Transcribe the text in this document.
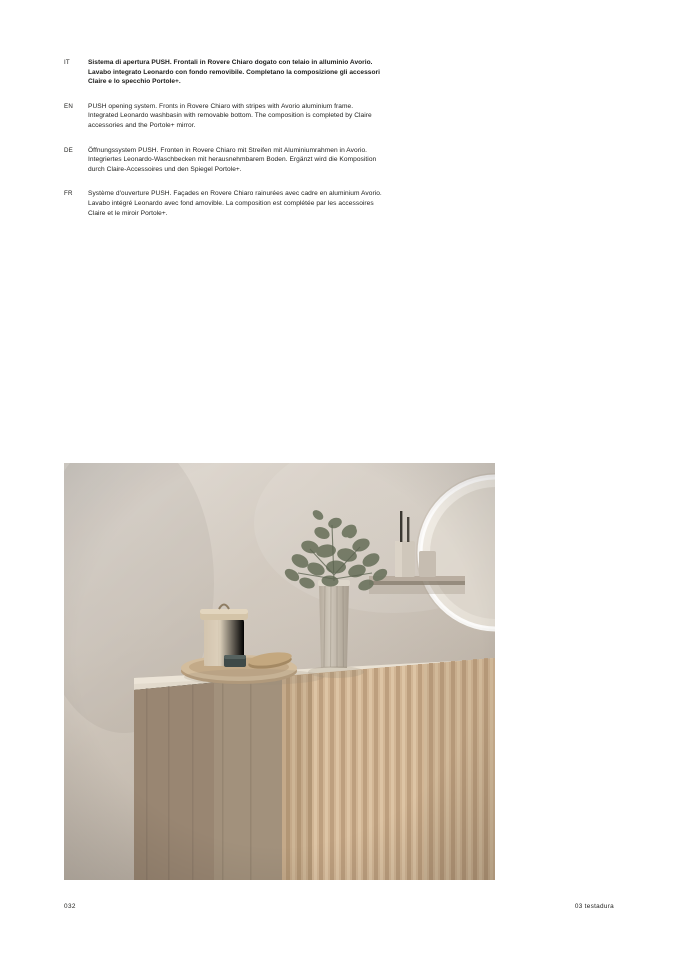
IT	Sistema di apertura PUSH. Frontali in Rovere Chiaro dogato con telaio in alluminio Avorio. Lavabo integrato Leonardo con fondo removibile. Completano la composizione gli accessori Claire e lo specchio Portole+.
EN	PUSH opening system. Fronts in Rovere Chiaro with stripes with Avorio aluminium frame. Integrated Leonardo washbasin with removable bottom. The composition is completed by Claire accessories and the Portole+ mirror.
DE	Öffnungssystem PUSH. Fronten in Rovere Chiaro mit Streifen mit Aluminiumrahmen in Avorio. Integriertes Leonardo-Waschbecken mit herausnehmbarem Boden. Ergänzt wird die Komposition durch Claire-Accessoires und den Spiegel Portole+.
FR	Système d'ouverture PUSH. Façades en Rovere Chiaro rainurées avec cadre en aluminium Avorio. Lavabo intégré Leonardo avec fond amovible. La composition est complétée par les accessoires Claire et le miroir Portole+.
032	03 testadura
